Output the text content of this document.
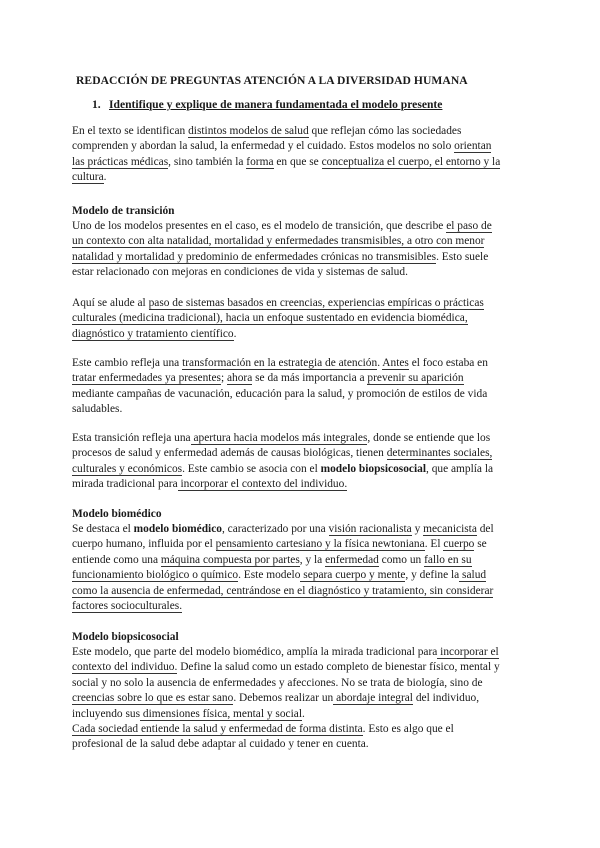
REDACCIÓN DE PREGUNTAS ATENCIÓN A LA DIVERSIDAD HUMANA
1. Identifique y explique de manera fundamentada el modelo presente
En el texto se identifican distintos modelos de salud que reflejan cómo las sociedades
comprenden y abordan la salud, la enfermedad y el cuidado. Estos modelos no solo orientan
las prácticas médicas, sino también la forma en que se conceptualiza el cuerpo, el entorno y la
cultura.
Modelo de transición
Uno de los modelos presentes en el caso, es el modelo de transición, que describe el paso de
un contexto con alta natalidad, mortalidad y enfermedades transmisibles, a otro con menor
natalidad y mortalidad y predominio de enfermedades crónicas no transmisibles. Esto suele
estar relacionado con mejoras en condiciones de vida y sistemas de salud.
Aquí se alude al paso de sistemas basados en creencias, experiencias empíricas o prácticas
culturales (medicina tradicional), hacia un enfoque sustentado en evidencia biomédica,
diagnóstico y tratamiento científico.
Este cambio refleja una transformación en la estrategia de atención. Antes el foco estaba en
tratar enfermedades ya presentes; ahora se da más importancia a prevenir su aparición
mediante campañas de vacunación, educación para la salud, y promoción de estilos de vida
saludables.
Esta transición refleja una apertura hacia modelos más integrales, donde se entiende que los
procesos de salud y enfermedad además de causas biológicas, tienen determinantes sociales,
culturales y económicos. Este cambio se asocia con el modelo biopsicosocial, que amplía la
mirada tradicional para incorporar el contexto del individuo.
Modelo biomédico
Se destaca el modelo biomédico, caracterizado por una visión racionalista y mecanicista del
cuerpo humano, influida por el pensamiento cartesiano y la física newtoniana. El cuerpo se
entiende como una máquina compuesta por partes, y la enfermedad como un fallo en su
funcionamiento biológico o químico. Este modelo separa cuerpo y mente, y define la salud
como la ausencia de enfermedad, centrándose en el diagnóstico y tratamiento, sin considerar
factores socioculturales.
Modelo biopsicosocial
Este modelo, que parte del modelo biomédico, amplía la mirada tradicional para incorporar el
contexto del individuo. Define la salud como un estado completo de bienestar físico, mental y
social y no solo la ausencia de enfermedades y afecciones. No se trata de biología, sino de
creencias sobre lo que es estar sano. Debemos realizar un abordaje integral del individuo,
incluyendo sus dimensiones física, mental y social.
Cada sociedad entiende la salud y enfermedad de forma distinta. Esto es algo que el
profesional de la salud debe adaptar al cuidado y tener en cuenta.
